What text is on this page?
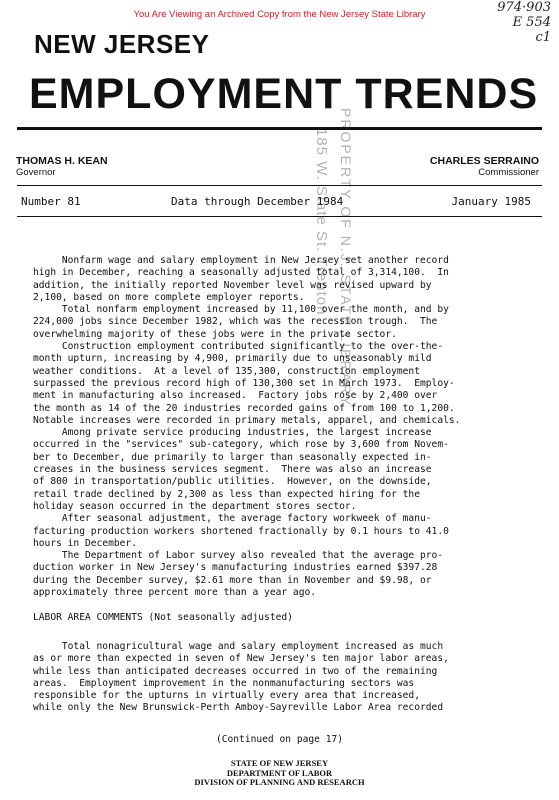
You Are Viewing an Archived Copy from the New Jersey State Library	974·903
E 554
c1
NEW JERSEY
EMPLOYMENT TRENDS
THOMAS H. KEAN
Governor
CHARLES SERRAINO
Commissioner
Number 81	Data through December 1984	January 1985
185 W. State St. Trenton PROPERTY OF N.J. STATE LIBRARY
Nonfarm wage and salary employment in New Jersey set another record
high in December, reaching a seasonally adjusted total of 3,314,100.  In
addition, the initially reported November level was revised upward by
2,100, based on more complete employer reports.
Total nonfarm employment increased by 11,100 over the month, and by
224,000 jobs since December 1982, which was the recession trough.  The
overwhelming majority of these jobs were in the private sector.
Construction employment contributed significantly to the over-the-
month upturn, increasing by 4,900, primarily due to unseasonably mild
weather conditions.  At a level of 135,300, construction employment
surpassed the previous record high of 130,300 set in March 1973.  Employ-
ment in manufacturing also increased.  Factory jobs rose by 2,400 over
the month as 14 of the 20 industries recorded gains of from 100 to 1,200.
Notable increases were recorded in primary metals, apparel, and chemicals.
Among private service producing industries, the largest increase
occurred in the "services" sub-category, which rose by 3,600 from Novem-
ber to December, due primarily to larger than seasonally expected in-
creases in the business services segment.  There was also an increase
of 800 in transportation/public utilities.  However, on the downside,
retail trade declined by 2,300 as less than expected hiring for the
holiday season occurred in the department stores sector.
After seasonal adjustment, the average factory workweek of manu-
facturing production workers shortened fractionally by 0.1 hours to 41.0
hours in December.
The Department of Labor survey also revealed that the average pro-
duction worker in New Jersey's manufacturing industries earned $397.28
during the December survey, $2.61 more than in November and $9.98, or
approximately three percent more than a year ago.
LABOR AREA COMMENTS (Not seasonally adjusted)
Total nonagricultural wage and salary employment increased as much
as or more than expected in seven of New Jersey's ten major labor areas,
while less than anticipated decreases occurred in two of the remaining
areas.  Employment improvement in the nonmanufacturing sectors was
responsible for the upturns in virtually every area that increased,
while only the New Brunswick-Perth Amboy-Sayreville Labor Area recorded
(Continued on page 17)
STATE OF NEW JERSEY
DEPARTMENT OF LABOR
DIVISION OF PLANNING AND RESEARCH
